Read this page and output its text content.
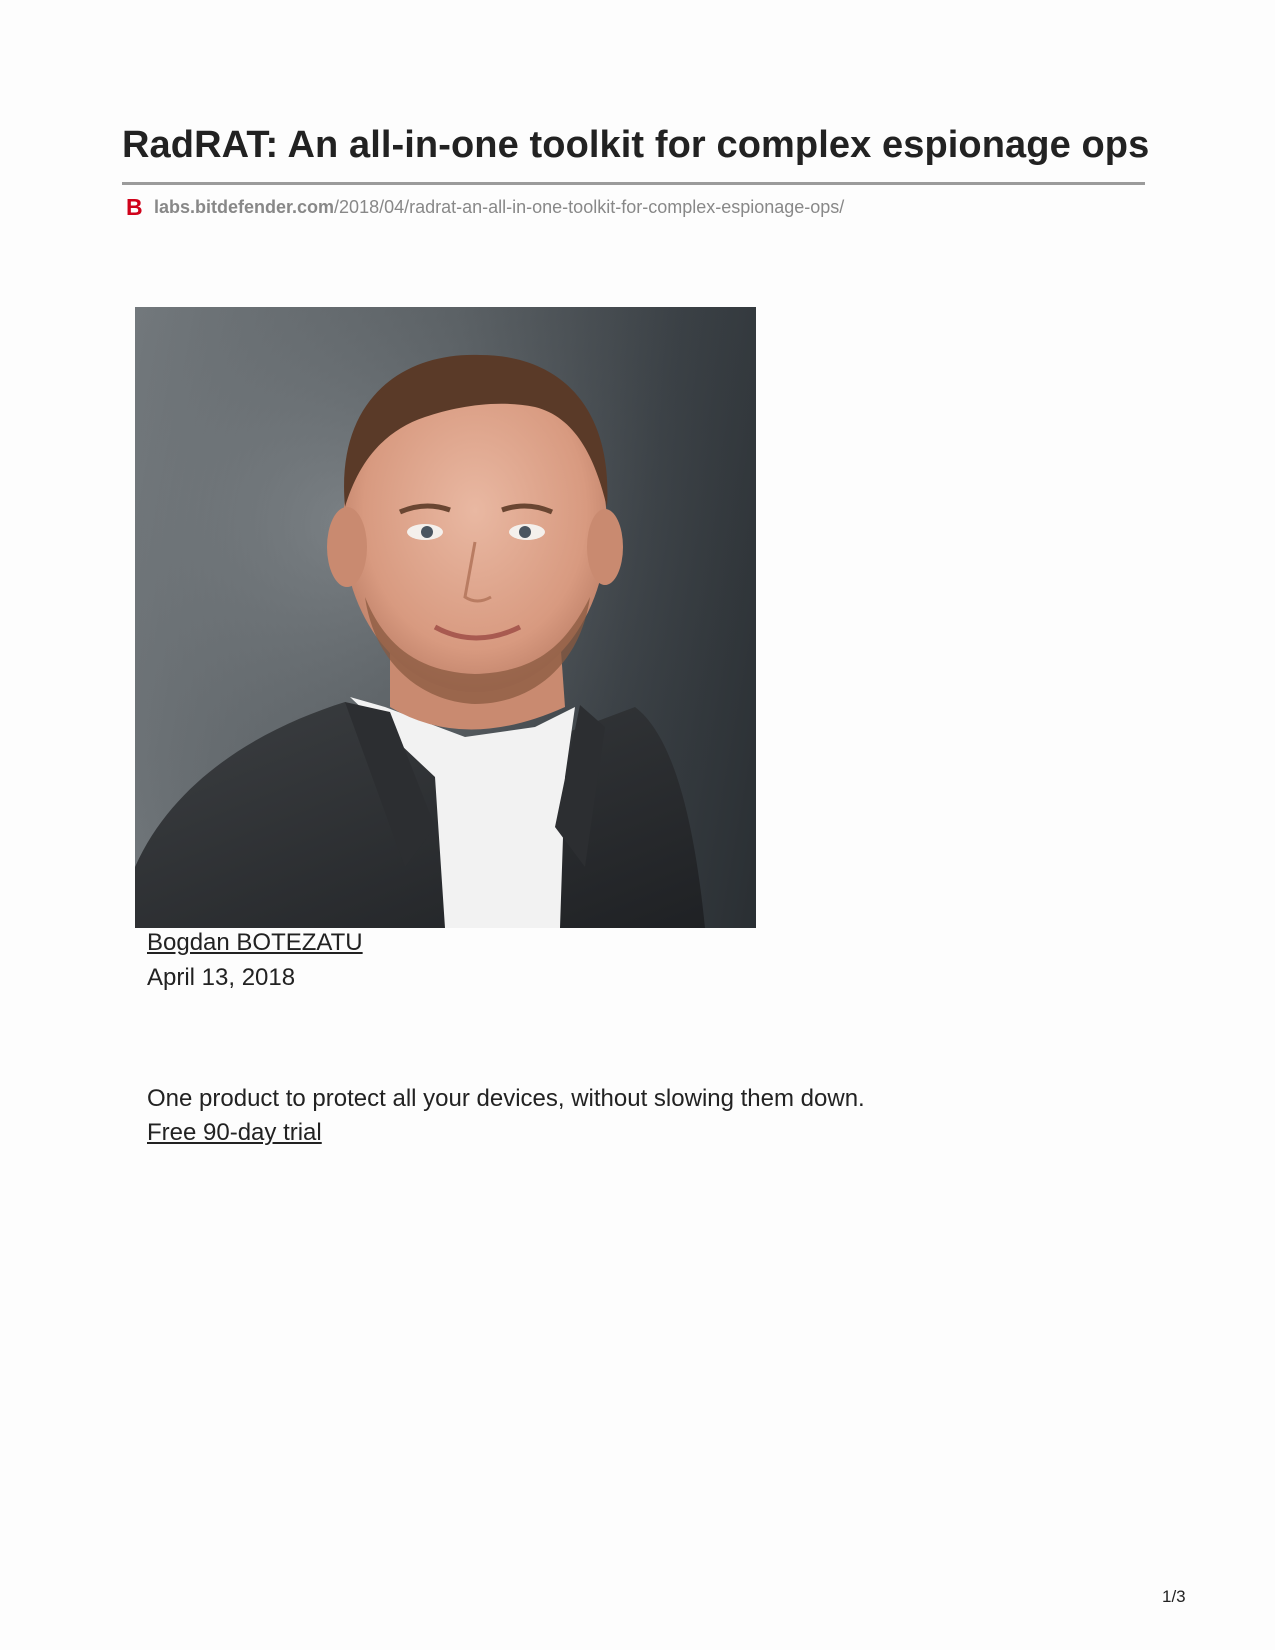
RadRAT: An all-in-one toolkit for complex espionage ops
B labs.bitdefender.com /2018/04/radrat-an-all-in-one-toolkit-for-complex-espionage-ops/
Bogdan BOTEZATU
April 13, 2018
One product to protect all your devices, without slowing them down.
Free 90-day trial
1/3
